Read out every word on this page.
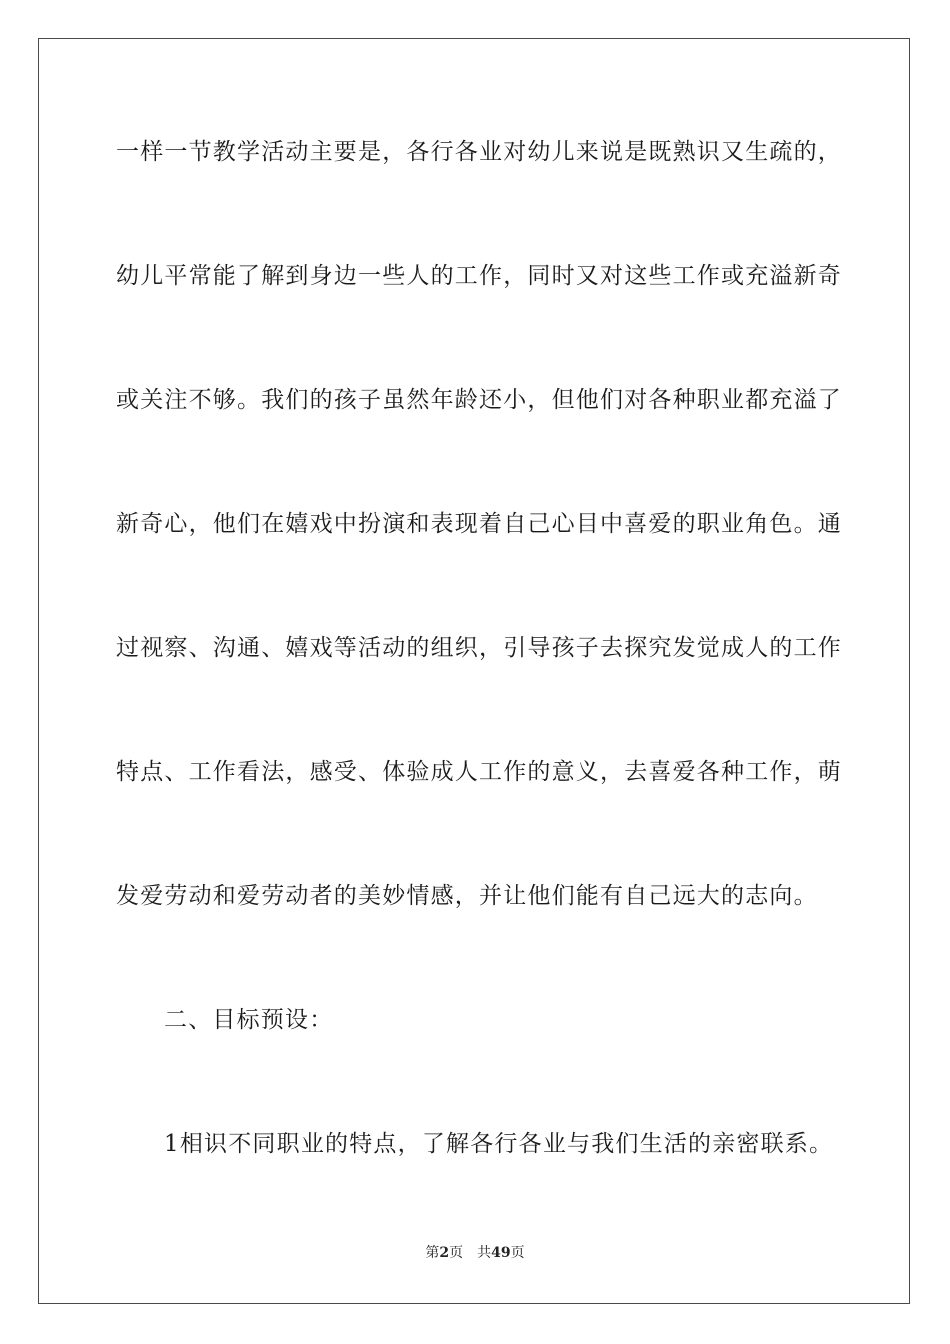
一样一节教学活动主要是，各行各业对幼儿来说是既熟识又生疏的，
幼儿平常能了解到身边一些人的工作，同时又对这些工作或充溢新奇
或关注不够。我们的孩子虽然年龄还小，但他们对各种职业都充溢了
新奇心，他们在嬉戏中扮演和表现着自己心目中喜爱的职业角色。通
过视察、沟通、嬉戏等活动的组织，引导孩子去探究发觉成人的工作
特点、工作看法，感受、体验成人工作的意义，去喜爱各种工作，萌
发爱劳动和爱劳动者的美妙情感，并让他们能有自己远大的志向。
二、目标预设：
1相识不同职业的特点，了解各行各业与我们生活的亲密联系。
第2页　共49页
